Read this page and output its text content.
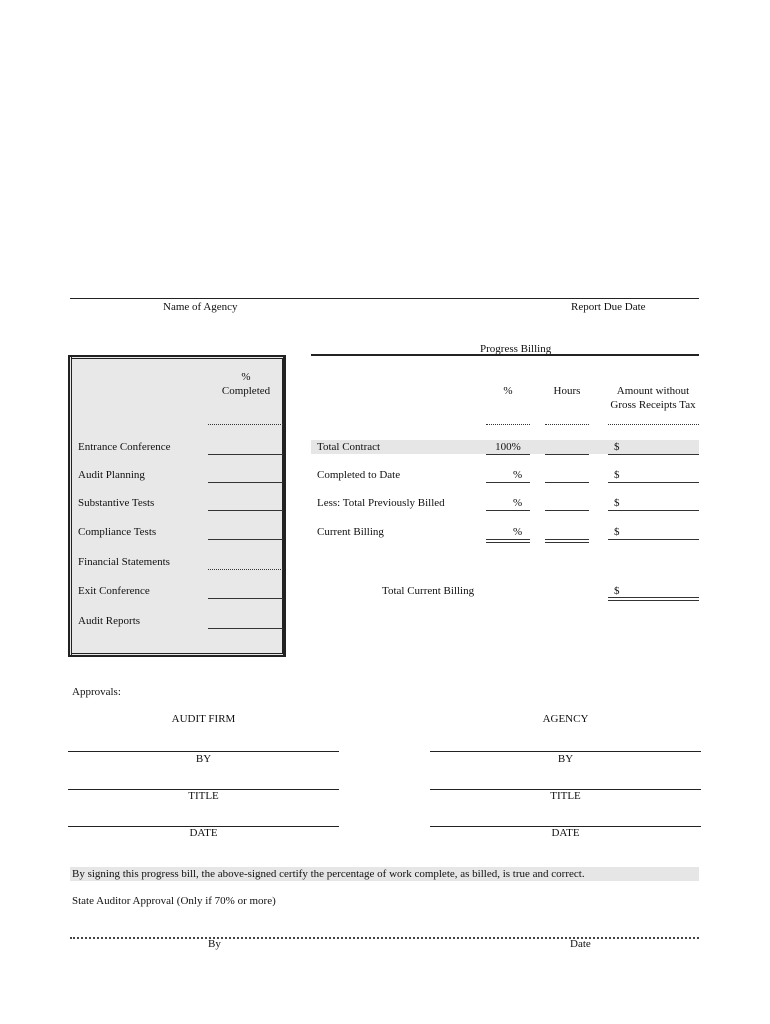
Name of Agency	Report Due Date
Progress Billing
%	Hours	Amount without Gross Receipts Tax
Total Contract	100%	$
Completed to Date	%	$
Less: Total Previously Billed	%	$
Current Billing	%	$
Total Current Billing	$
% Completed
Entrance Conference
Audit Planning
Substantive Tests
Compliance Tests
Financial Statements
Exit Conference
Audit Reports
Approvals:
AUDIT FIRM	AGENCY
BY	BY
TITLE	TITLE
DATE	DATE
By signing this progress bill, the above-signed certify the percentage of work complete, as billed, is true and correct.
State Auditor Approval (Only if 70% or more)
By	Date
